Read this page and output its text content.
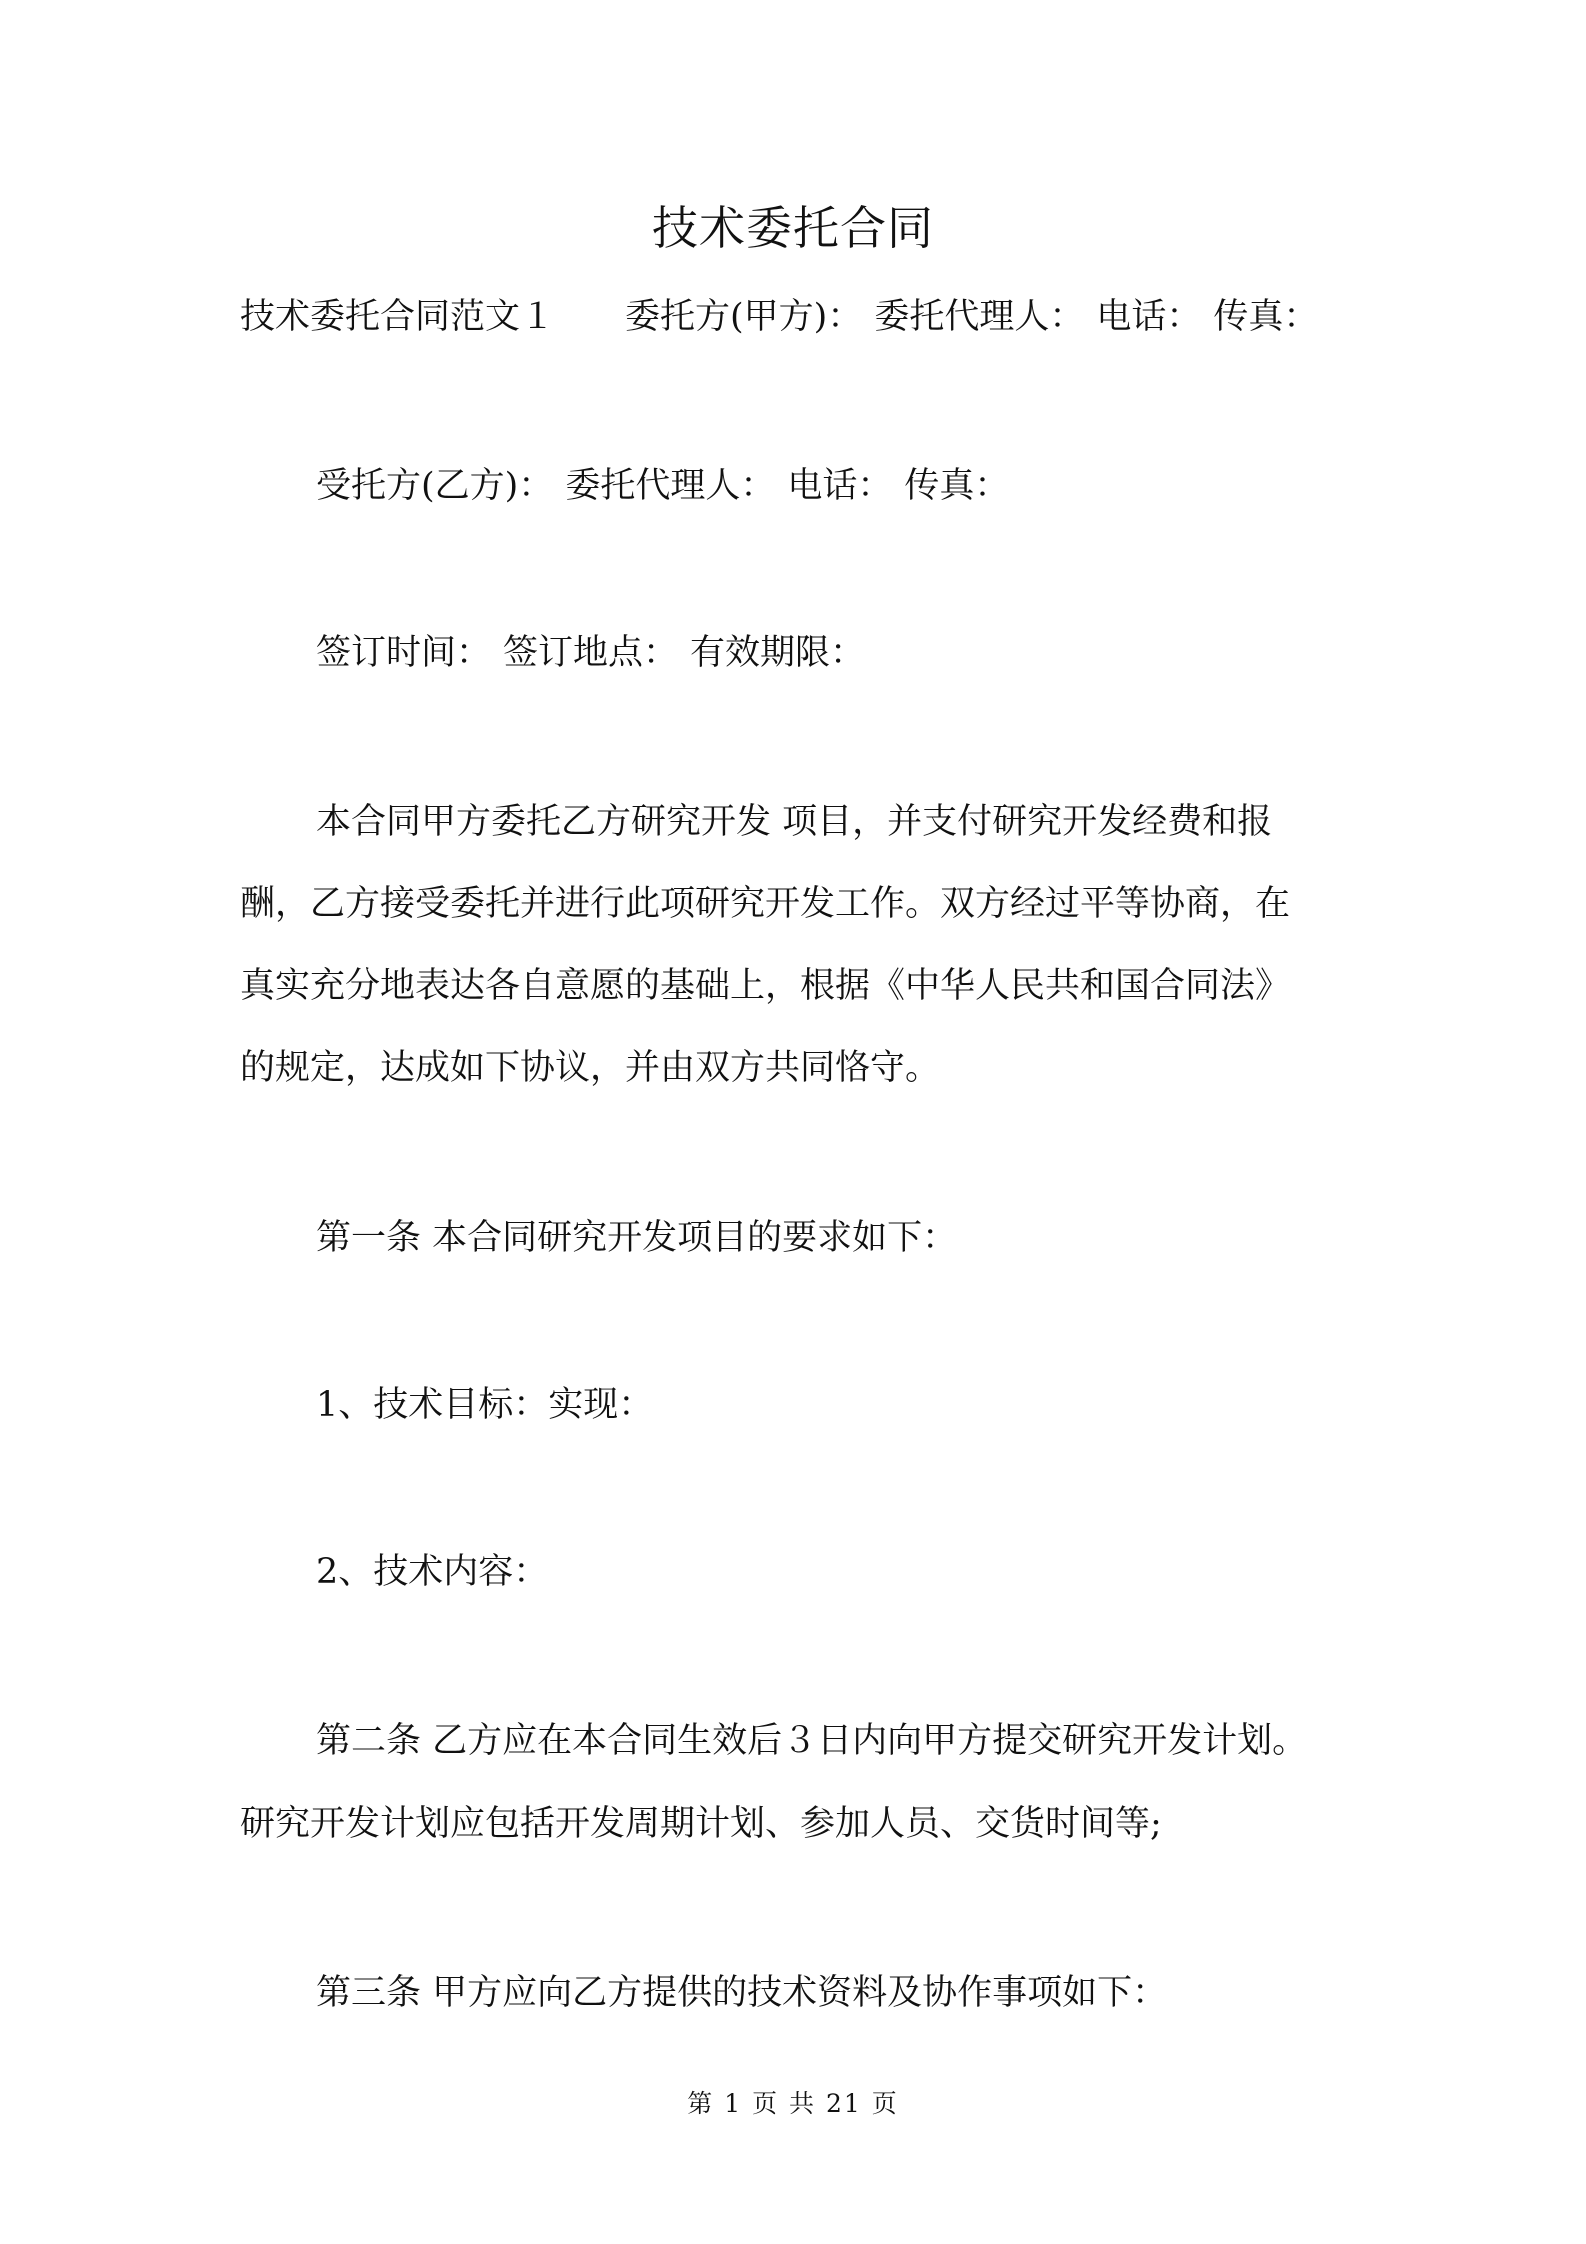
技术委托合同

技术委托合同范文１ 委托方(甲方)： 委托代理人： 电话： 传真：

受托方(乙方)： 委托代理人： 电话： 传真：

签订时间： 签订地点： 有效期限：

本合同甲方委托乙方研究开发 项目，并支付研究开发经费和报

酬，乙方接受委托并进行此项研究开发工作。双方经过平等协商，在

真实充分地表达各自意愿的基础上，根据《中华人民共和国合同法》

的规定，达成如下协议，并由双方共同恪守。

第一条 本合同研究开发项目的要求如下：

1、技术目标：实现：

2、技术内容：

第二条 乙方应在本合同生效后３日内向甲方提交研究开发计划。

研究开发计划应包括开发周期计划、参加人员、交货时间等;

第三条 甲方应向乙方提供的技术资料及协作事项如下：

第 1 页 共 21 页
